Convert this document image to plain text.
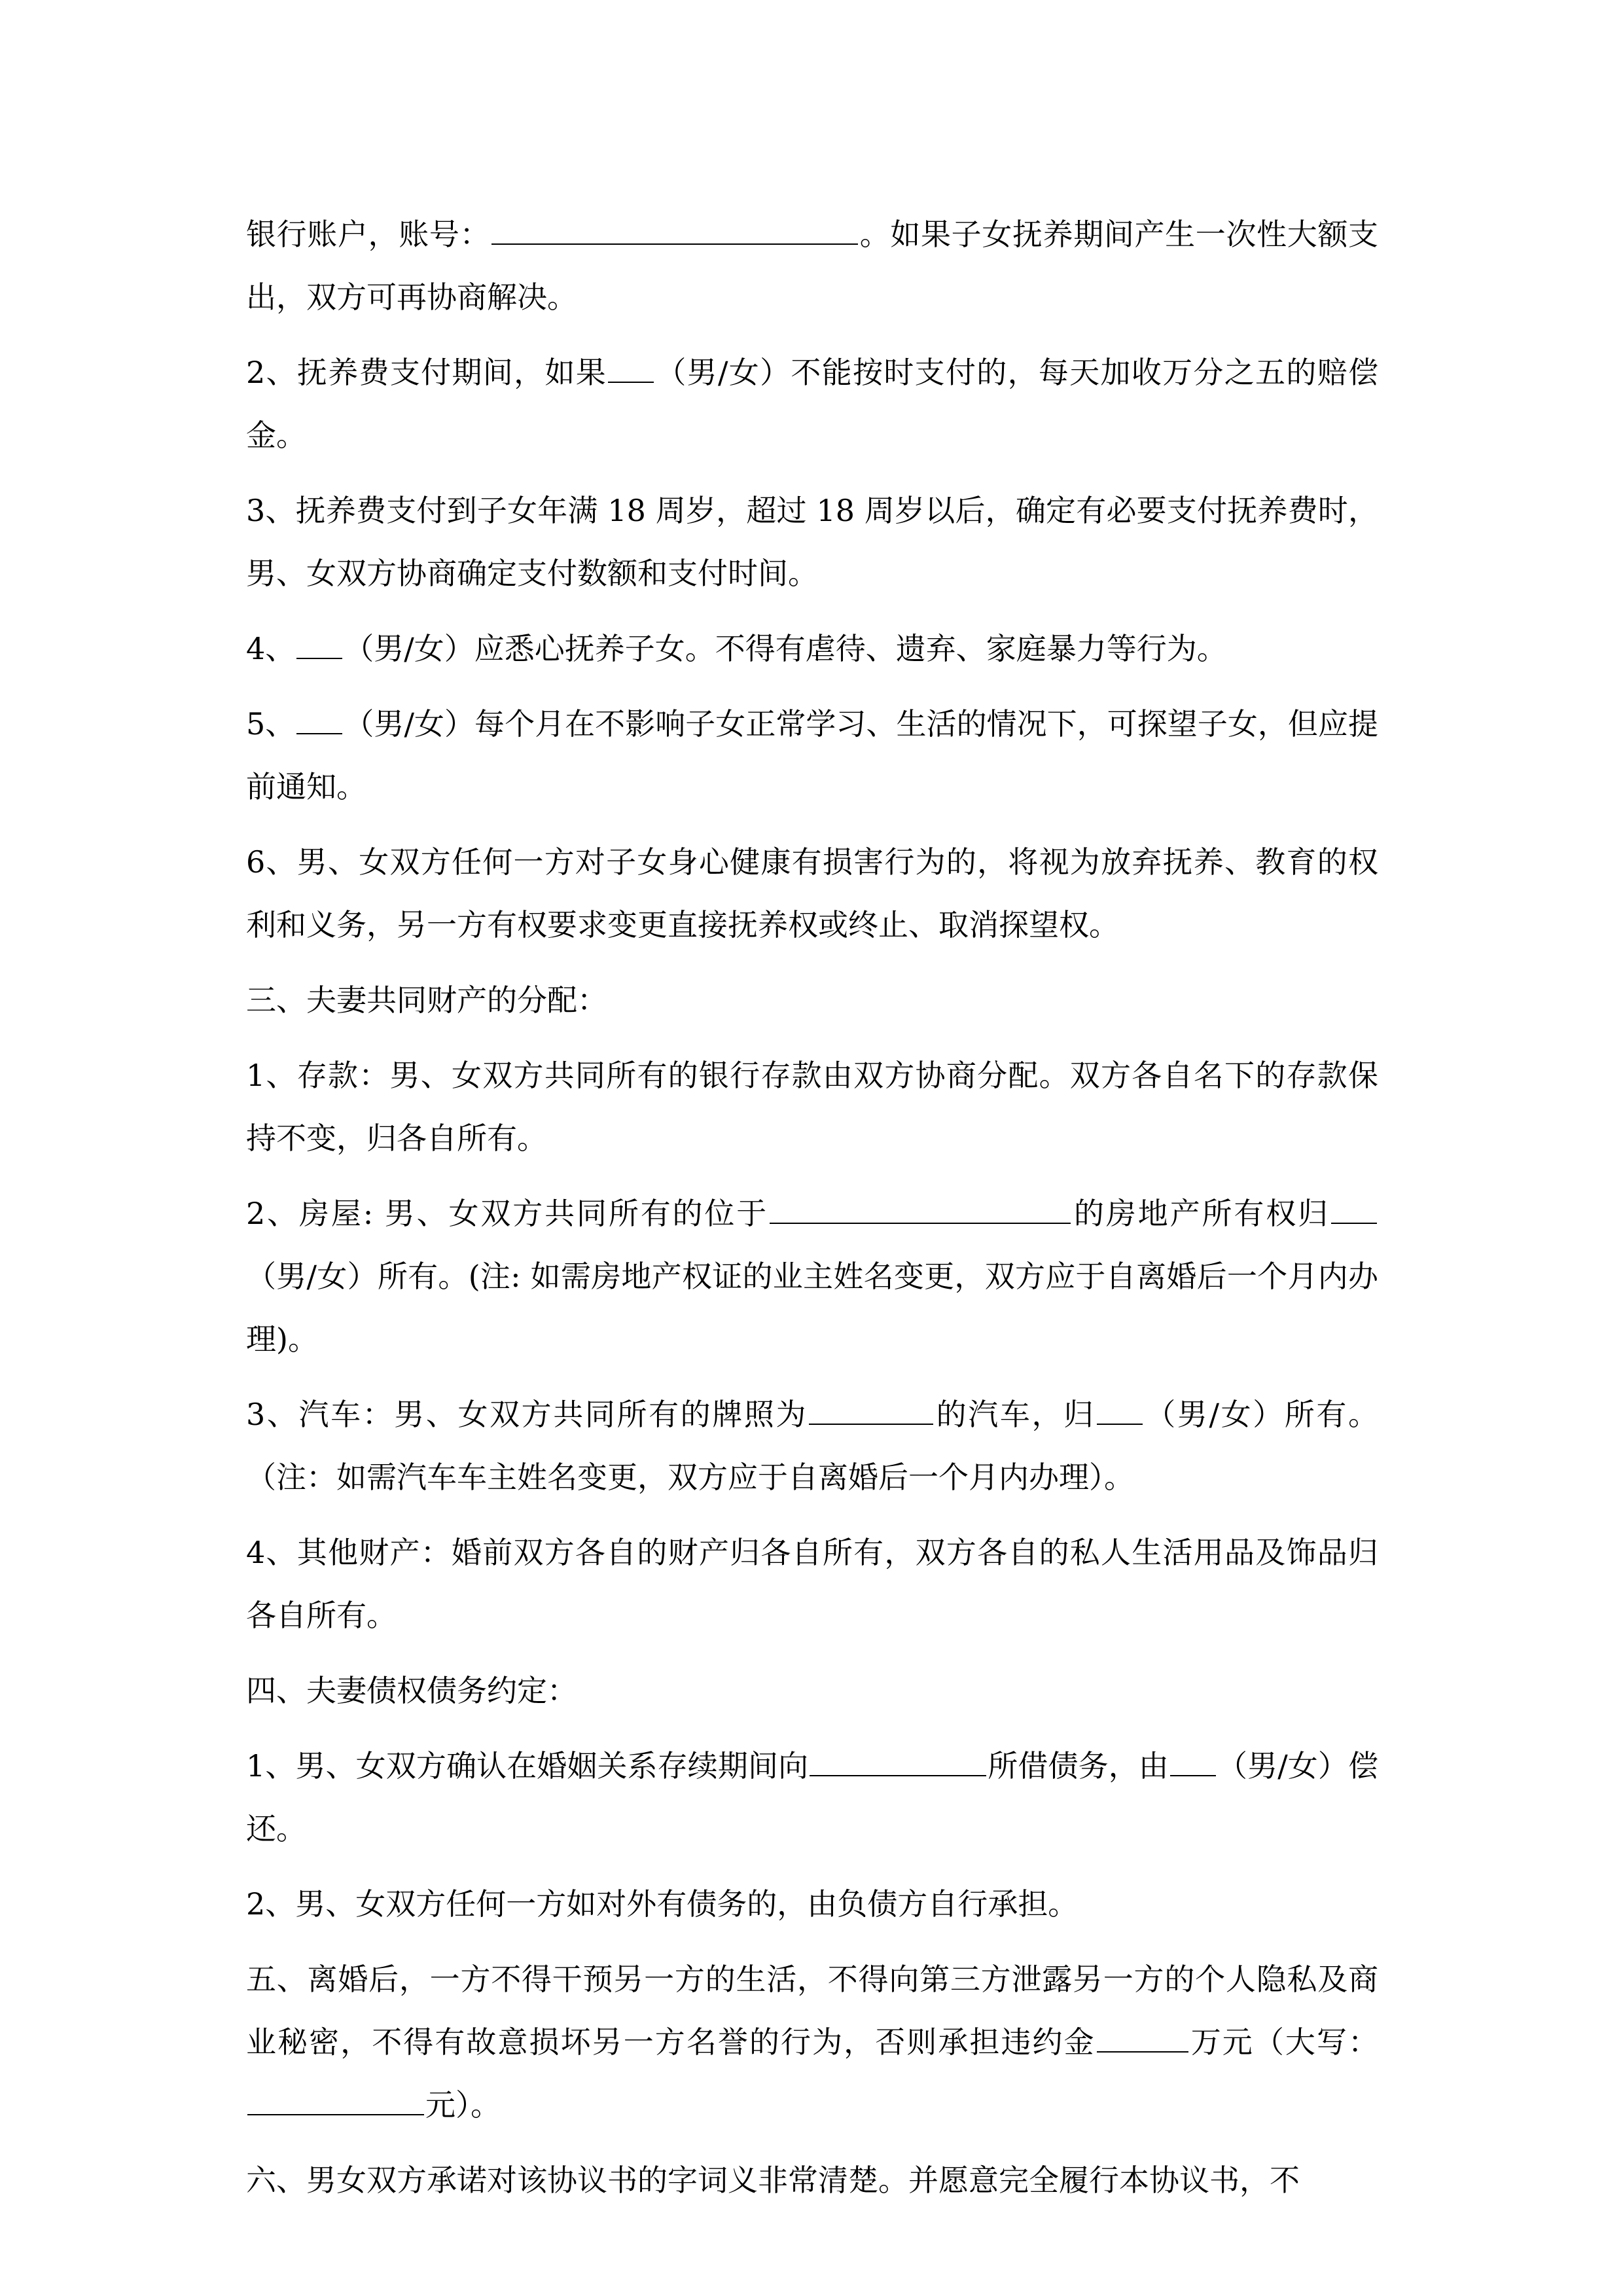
银行账户，账号：	。如果子女抚养期间产生一次性大额支出，双方可再协商解决。

2、抚养费支付期间，如果 （男/女）不能按时支付的，每天加收万分之五的赔偿金。

3、抚养费支付到子女年满 18 周岁，超过 18 周岁以后，确定有必要支付抚养费时，男、女双方协商确定支付数额和支付时间。

4、 （男/女）应悉心抚养子女。不得有虐待、遗弃、家庭暴力等行为。

5、 （男/女）每个月在不影响子女正常学习、生活的情况下，可探望子女，但应提前通知。

6、男、女双方任何一方对子女身心健康有损害行为的，将视为放弃抚养、教育的权利和义务，另一方有权要求变更直接抚养权或终止、取消探望权。

三、夫妻共同财产的分配：

1、存款：男、女双方共同所有的银行存款由双方协商分配。双方各自名下的存款保持不变，归各自所有。

2、房屋: 男、女双方共同所有的位于	的房地产所有权归（男/女）所有。(注: 如需房地产权证的业主姓名变更，双方应于自离婚后一个月内办理)。

3、汽车：男、女双方共同所有的牌照为	的汽车，归 （男/女）所有。（注：如需汽车车主姓名变更，双方应于自离婚后一个月内办理）。

4、其他财产：婚前双方各自的财产归各自所有，双方各自的私人生活用品及饰品归各自所有。

四、夫妻债权债务约定：

1、男、女双方确认在婚姻关系存续期间向	所借债务，由 （男/女）偿还。

2、男、女双方任何一方如对外有债务的，由负债方自行承担。

五、离婚后，一方不得干预另一方的生活，不得向第三方泄露另一方的个人隐私及商业秘密，不得有故意损坏另一方名誉的行为，否则承担违约金	万元（大写：元）。

六、男女双方承诺对该协议书的字词义非常清楚。并愿意完全履行本协议书，不
